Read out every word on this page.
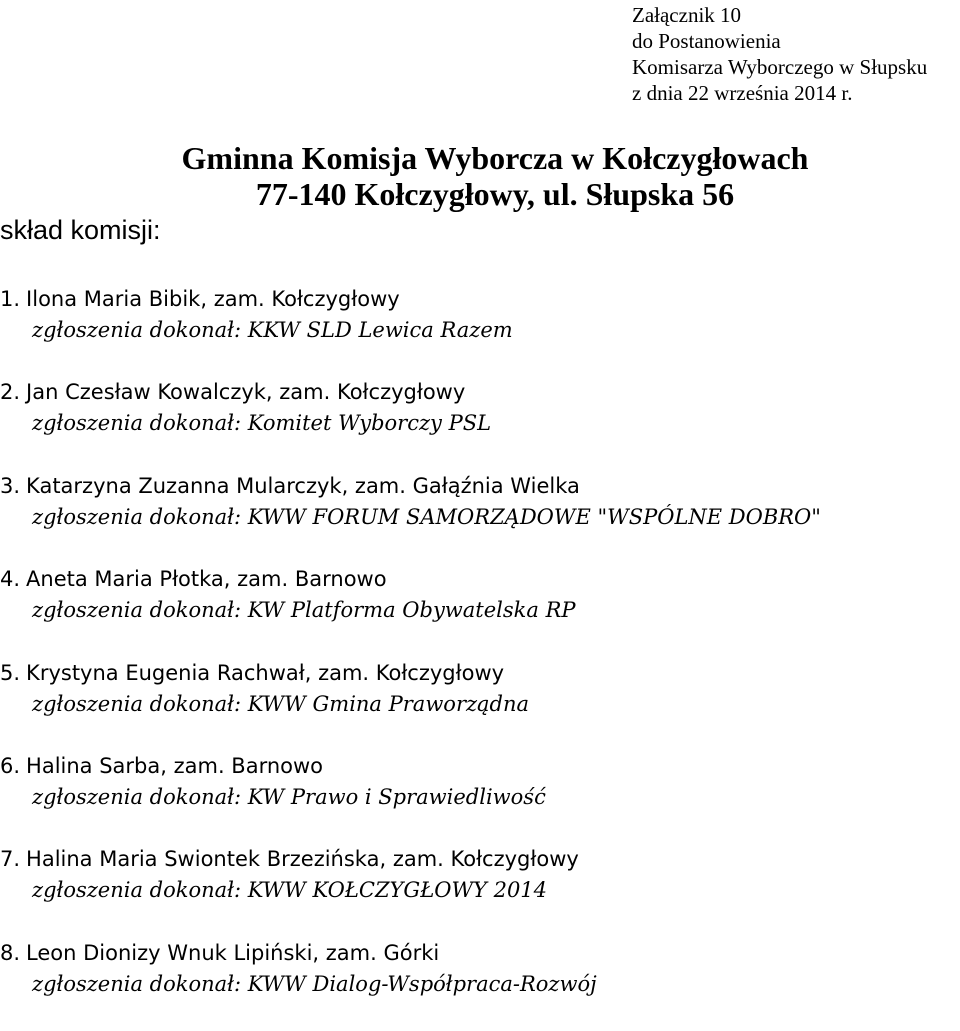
Załącznik 10
do Postanowienia
Komisarza Wyborczego w Słupsku
z dnia 22 września 2014 r.
Gminna Komisja Wyborcza w Kołczygłowach
77-140 Kołczygłowy, ul. Słupska 56
skład komisji:
1. Ilona Maria Bibik, zam. Kołczygłowy
zgłoszenia dokonał: KKW SLD Lewica Razem
2. Jan Czesław Kowalczyk, zam. Kołczygłowy
zgłoszenia dokonał: Komitet Wyborczy PSL
3. Katarzyna Zuzanna Mularczyk, zam. Gałąźnia Wielka
zgłoszenia dokonał: KWW FORUM SAMORZĄDOWE "WSPÓLNE DOBRO"
4. Aneta Maria Płotka, zam. Barnowo
zgłoszenia dokonał: KW Platforma Obywatelska RP
5. Krystyna Eugenia Rachwał, zam. Kołczygłowy
zgłoszenia dokonał: KWW Gmina Praworządna
6. Halina Sarba, zam. Barnowo
zgłoszenia dokonał: KW Prawo i Sprawiedliwość
7. Halina Maria Swiontek Brzezińska, zam. Kołczygłowy
zgłoszenia dokonał: KWW KOŁCZYGŁOWY 2014
8. Leon Dionizy Wnuk Lipiński, zam. Górki
zgłoszenia dokonał: KWW Dialog-Współpraca-Rozwój
